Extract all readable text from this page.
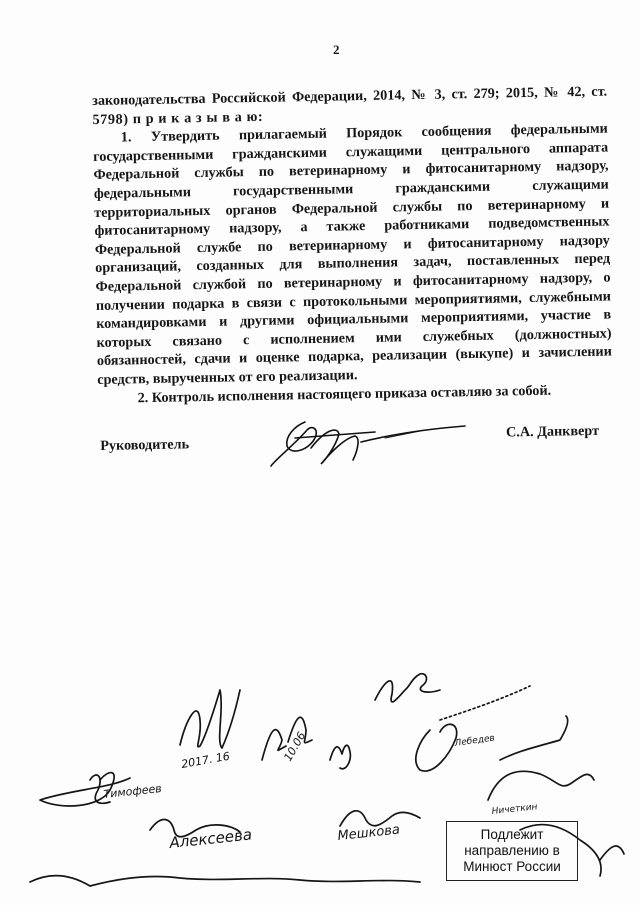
2
законодательства Российской Федерации, 2014, № 3, ст. 279; 2015, № 42, ст.
5798) п р и к а з ы в а ю:
1. Утвердить прилагаемый Порядок сообщения федеральными
государственными гражданскими служащими центрального аппарата
Федеральной службы по ветеринарному и фитосанитарному надзору,
федеральными государственными гражданскими служащими
территориальных органов Федеральной службы по ветеринарному и
фитосанитарному надзору, а также работниками подведомственных
Федеральной службе по ветеринарному и фитосанитарному надзору
организаций, созданных для выполнения задач, поставленных перед
Федеральной службой по ветеринарному и фитосанитарному надзору, о
получении подарка в связи с протокольными мероприятиями, служебными
командировками и другими официальными мероприятиями, участие в
которых связано с исполнением ими служебных (должностных)
обязанностей, сдачи и оценке подарка, реализации (выкупе) и зачислении
средств, вырученных от его реализации.
2. Контроль исполнения настоящего приказа оставляю за собой.
Руководитель
С.А. Данкверт
Тимофеев
Алексеева	Мешкова
Лебедев
Ничеткин
2017. 16	10.06
Подлежит
направлению в
Минюст России
